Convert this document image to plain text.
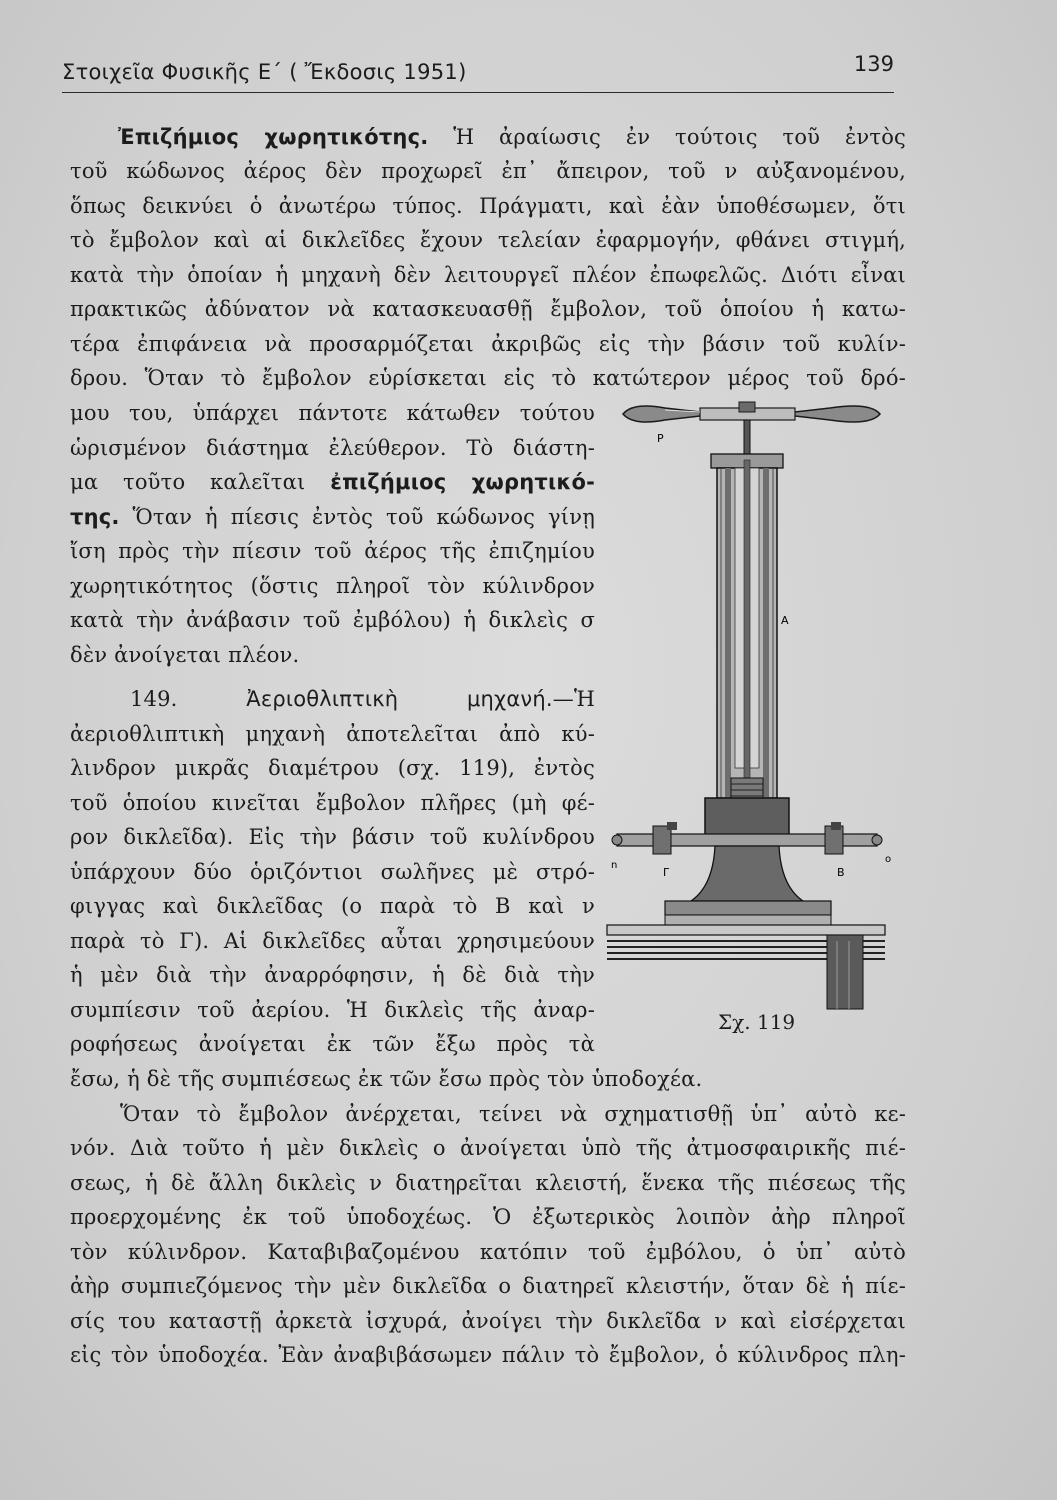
Στοιχεῖα Φυσικῆς Ε΄ ( Ἔκδοσις 1951)	139
Ἐπιζήμιος χωρητικότης. Ἡ ἀραίωσις ἐν τούτοις τοῦ ἐντὸς
τοῦ κώδωνος ἀέρος δὲν προχωρεῖ ἐπ᾽ ἄπειρον, τοῦ ν αὐξανομένου,
ὅπως δεικνύει ὁ ἀνωτέρω τύπος. Πράγματι, καὶ ἐὰν ὑποθέσωμεν, ὅτι
τὸ ἔμβολον καὶ αἱ δικλεῖδες ἔχουν τελείαν ἐφαρμογήν, φθάνει στιγμή,
κατὰ τὴν ὁποίαν ἡ μηχανὴ δὲν λειτουργεῖ πλέον ἐπωφελῶς. Διότι εἶναι
πρακτικῶς ἀδύνατον νὰ κατασκευασθῇ ἔμβολον, τοῦ ὁποίου ἡ κατω-
τέρα ἐπιφάνεια νὰ προσαρμόζεται ἀκριβῶς εἰς τὴν βάσιν τοῦ κυλίν-
δρου. Ὅταν τὸ ἔμβολον εὑρίσκεται εἰς τὸ κατώτερον μέρος τοῦ δρό-
μου του, ὑπάρχει πάντοτε κάτωθεν τούτου
ὡρισμένον διάστημα ἐλεύθερον. Τὸ διάστη-
μα τοῦτο καλεῖται ἐπιζήμιος χωρητικό-
της. Ὅταν ἡ πίεσις ἐντὸς τοῦ κώδωνος γίνῃ
ἴση πρὸς τὴν πίεσιν τοῦ ἀέρος τῆς ἐπιζημίου
χωρητικότητος (ὅστις πληροῖ τὸν κύλινδρον
κατὰ τὴν ἀνάβασιν τοῦ ἐμβόλου) ἡ δικλεὶς σ
δὲν ἀνοίγεται πλέον.
149.	Ἀεριοθλιπτικὴ μηχανή.—Ἡ
ἀεριοθλιπτικὴ μηχανὴ ἀποτελεῖται ἀπὸ κύ-
λινδρον μικρᾶς διαμέτρου (σχ. 119), ἐντὸς
τοῦ ὁποίου κινεῖται ἔμβολον πλῆρες (μὴ φέ-
ρον δικλεῖδα). Εἰς τὴν βάσιν τοῦ κυλίνδρου
ὑπάρχουν δύο ὁριζόντιοι σωλῆνες μὲ στρό-
φιγγας καὶ δικλεῖδας (ο παρὰ τὸ Β καὶ ν
παρὰ τὸ Γ). Αἱ δικλεῖδες αὗται χρησιμεύουν
ἡ μὲν διὰ τὴν ἀναρρόφησιν, ἡ δὲ διὰ τὴν
συμπίεσιν τοῦ ἀερίου. Ἡ δικλεὶς τῆς ἀναρ-
ροφήσεως ἀνοίγεται ἐκ τῶν ἔξω πρὸς τὰ
ἔσω, ἡ δὲ τῆς συμπιέσεως ἐκ τῶν ἔσω πρὸς τὸν ὑποδοχέα.
Ὅταν τὸ ἔμβολον ἀνέρχεται, τείνει νὰ σχηματισθῇ ὑπ᾽ αὐτὸ κε-
νόν. Διὰ τοῦτο ἡ μὲν δικλεὶς ο ἀνοίγεται ὑπὸ τῆς ἀτμοσφαιρικῆς πιέ-
σεως, ἡ δὲ ἄλλη δικλεὶς ν διατηρεῖται κλειστή, ἕνεκα τῆς πιέσεως τῆς
προερχομένης ἐκ τοῦ ὑποδοχέως. Ὁ ἐξωτερικὸς λοιπὸν ἀὴρ πληροῖ
τὸν κύλινδρον. Καταβιβαζομένου κατόπιν τοῦ ἐμβόλου, ὁ ὑπ᾽ αὐτὸ
ἀὴρ συμπιεζόμενος τὴν μὲν δικλεῖδα ο διατηρεῖ κλειστήν, ὅταν δὲ ἡ πίε-
σίς του καταστῇ ἀρκετὰ ἰσχυρά, ἀνοίγει τὴν δικλεῖδα ν καὶ εἰσέρχεται
εἰς τὸν ὑποδοχέα. Ἐὰν ἀναβιβάσωμεν πάλιν τὸ ἔμβολον, ὁ κύλινδρος πλη-
P
A
n
Γ	B
o
Σχ. 119
